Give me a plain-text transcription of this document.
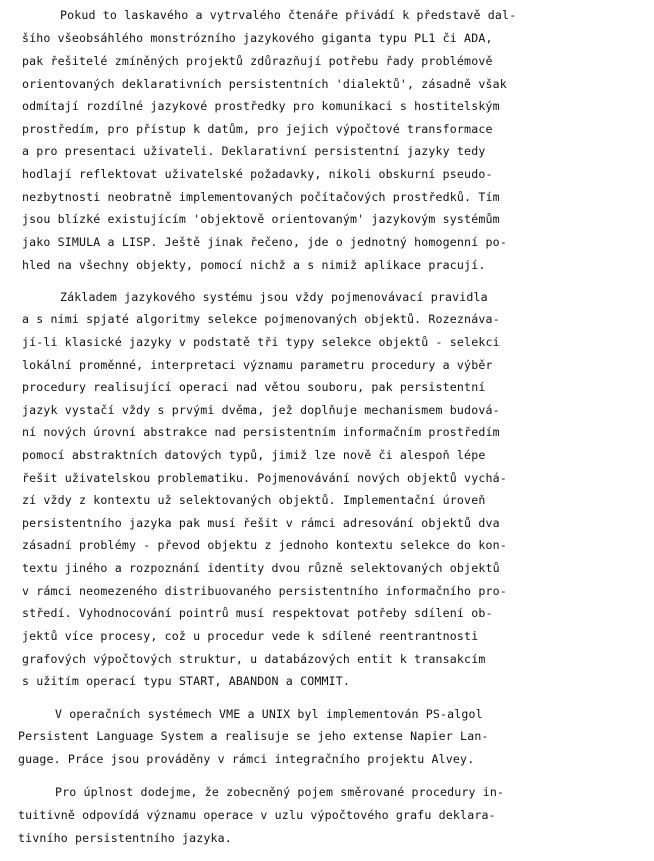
Pokud to laskavého a vytrvalého čtenáře přivádí k představě dal-
šího všeobsáhlého monstrózního jazykového giganta typu PL1 či ADA,
pak řešitelé zmíněných projektů zdůrazňují potřebu řady problémově
orientovaných deklarativních persistentních 'dialektů', zásadně však
odmítají rozdílné jazykové prostředky pro komunikaci s hostitelským
prostředím, pro přístup k datům, pro jejich výpočtové transformace
a pro presentaci uživateli. Deklarativní persistentní jazyky tedy
hodlají reflektovat uživatelské požadavky, nikoli obskurní pseudo-
nezbytnosti neobratně implementovaných počítačových prostředků. Tím
jsou blízké existujícím 'objektově orientovaným' jazykovým systémům
jako SIMULA a LISP. Ještě jinak řečeno, jde o jednotný homogenní po-
hled na všechny objekty, pomocí nichž a s nimiž aplikace pracují.
Základem jazykového systému jsou vždy pojmenovávací pravidla
a s nimi spjaté algoritmy selekce pojmenovaných objektů. Rozeznáva-
jí-li klasické jazyky v podstatě tři typy selekce objektů - selekci
lokální proměnné, interpretaci významu parametru procedury a výběr
procedury realisující operaci nad větou souboru, pak persistentní
jazyk vystačí vždy s prvými dvěma, jež doplňuje mechanismem budová-
ní nových úrovní abstrakce nad persistentním informačním prostředím
pomocí abstraktních datových typů, jimiž lze nově či alespoň lépe
řešit uživatelskou problematiku. Pojmenovávání nových objektů vychá-
zí vždy z kontextu už selektovaných objektů. Implementační úroveň
persistentního jazyka pak musí řešit v rámci adresování objektů dva
zásadní problémy - převod objektu z jednoho kontextu selekce do kon-
textu jiného a rozpoznání identity dvou různě selektovaných objektů
v rámci neomezeného distribuovaného persistentního informačního pro-
středí. Vyhodnocování pointrů musí respektovat potřeby sdílení ob-
jektů více procesy, což u procedur vede k sdílené reentrantnosti
grafových výpočtových struktur, u databázových entit k transakcím
s užitím operací typu START, ABANDON a COMMIT.
V operačních systémech VME a UNIX byl implementován PS-algol
Persistent Language System a realisuje se jeho extense Napier Lan-
guage. Práce jsou prováděny v rámci integračního projektu Alvey.
Pro úplnost dodejme, že zobecněný pojem směrované procedury in-
tuitivně odpovídá významu operace v uzlu výpočtového grafu deklara-
tivního persistentního jazyka.
